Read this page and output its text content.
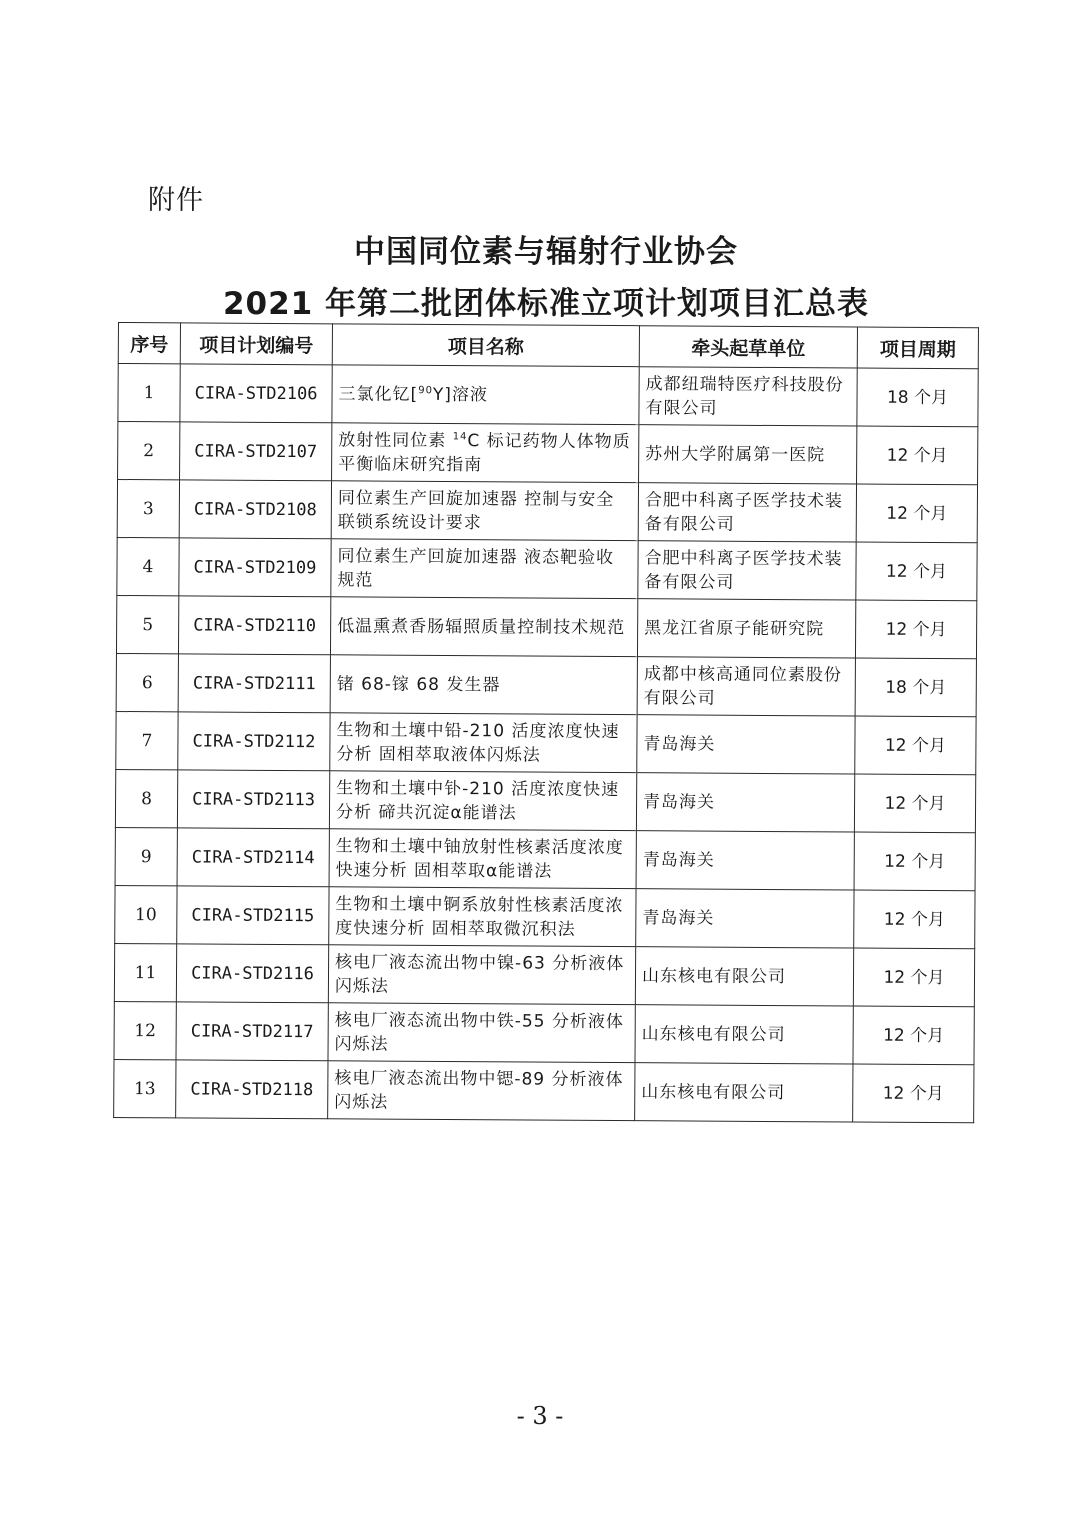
附件
中国同位素与辐射行业协会
2021 年第二批团体标准立项计划项目汇总表
序号	项目计划编号	项目名称	牵头起草单位	项目周期
1	CIRA-STD2106	三氯化钇[$^{90}$Y]溶液	成都纽瑞特医疗科技股份有限公司	18 个月
2	CIRA-STD2107	放射性同位素 $^{14}$C 标记药物人体物质平衡临床研究指南	苏州大学附属第一医院	12 个月
3	CIRA-STD2108	同位素生产回旋加速器 控制与安全联锁系统设计要求	合肥中科离子医学技术装备有限公司	12 个月
4	CIRA-STD2109	同位素生产回旋加速器 液态靶验收规范	合肥中科离子医学技术装备有限公司	12 个月
5	CIRA-STD2110	低温熏煮香肠辐照质量控制技术规范	黑龙江省原子能研究院	12 个月
6	CIRA-STD2111	锗 68-镓 68 发生器	成都中核高通同位素股份有限公司	18 个月
7	CIRA-STD2112	生物和土壤中铅-210 活度浓度快速分析 固相萃取液体闪烁法	青岛海关	12 个月
8	CIRA-STD2113	生物和土壤中钋-210 活度浓度快速分析 碲共沉淀α能谱法	青岛海关	12 个月
9	CIRA-STD2114	生物和土壤中铀放射性核素活度浓度快速分析 固相萃取α能谱法	青岛海关	12 个月
10	CIRA-STD2115	生物和土壤中锕系放射性核素活度浓度快速分析 固相萃取微沉积法	青岛海关	12 个月
11	CIRA-STD2116	核电厂液态流出物中镍-63 分析液体闪烁法	山东核电有限公司	12 个月
12	CIRA-STD2117	核电厂液态流出物中铁-55 分析液体闪烁法	山东核电有限公司	12 个月
13	CIRA-STD2118	核电厂液态流出物中锶-89 分析液体闪烁法	山东核电有限公司	12 个月
- 3 -
